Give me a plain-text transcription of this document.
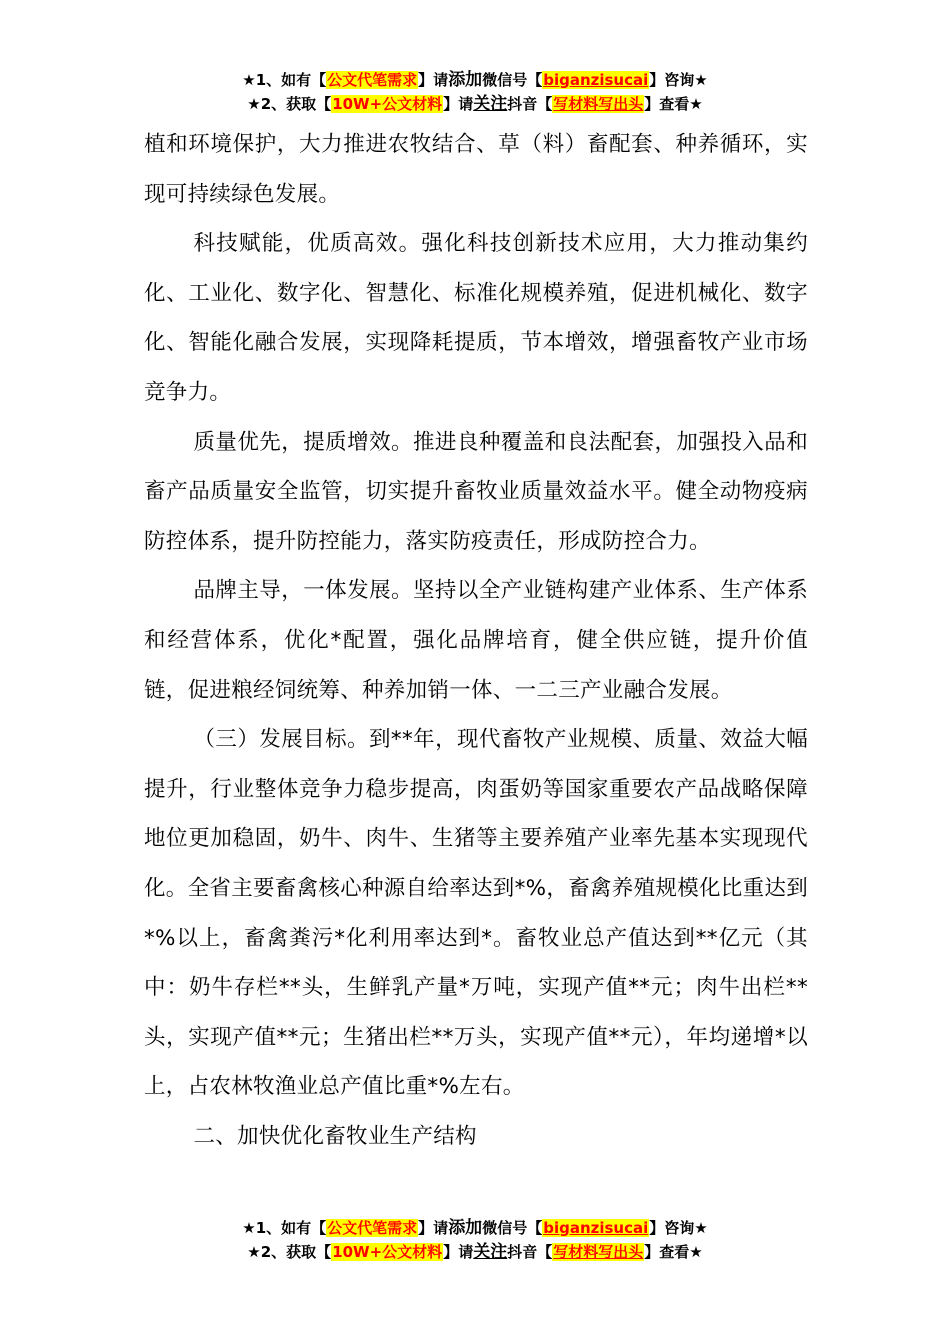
★1、如有【公文代笔需求】请添加微信号【biganzisucai】咨询★
★2、获取【10W+公文材料】请关注抖音【写材料写出头】查看★

植和环境保护，大力推进农牧结合、草（料）畜配套、种养循环，实现可持续绿色发展。

科技赋能，优质高效。强化科技创新技术应用，大力推动集约化、工业化、数字化、智慧化、标准化规模养殖，促进机械化、数字化、智能化融合发展，实现降耗提质，节本增效，增强畜牧产业市场竞争力。

质量优先，提质增效。推进良种覆盖和良法配套，加强投入品和畜产品质量安全监管，切实提升畜牧业质量效益水平。健全动物疫病防控体系，提升防控能力，落实防疫责任，形成防控合力。

品牌主导，一体发展。坚持以全产业链构建产业体系、生产体系和经营体系，优化*配置，强化品牌培育，健全供应链，提升价值链，促进粮经饲统筹、种养加销一体、一二三产业融合发展。

（三）发展目标。到**年，现代畜牧产业规模、质量、效益大幅提升，行业整体竞争力稳步提高，肉蛋奶等国家重要农产品战略保障地位更加稳固，奶牛、肉牛、生猪等主要养殖产业率先基本实现现代化。全省主要畜禽核心种源自给率达到*%，畜禽养殖规模化比重达到*%以上，畜禽粪污*化利用率达到*。畜牧业总产值达到**亿元（其中：奶牛存栏**头，生鲜乳产量*万吨，实现产值**元；肉牛出栏**头，实现产值**元；生猪出栏**万头，实现产值**元），年均递增*以上，占农林牧渔业总产值比重*%左右。

二、加快优化畜牧业生产结构

★1、如有【公文代笔需求】请添加微信号【biganzisucai】咨询★
★2、获取【10W+公文材料】请关注抖音【写材料写出头】查看★
